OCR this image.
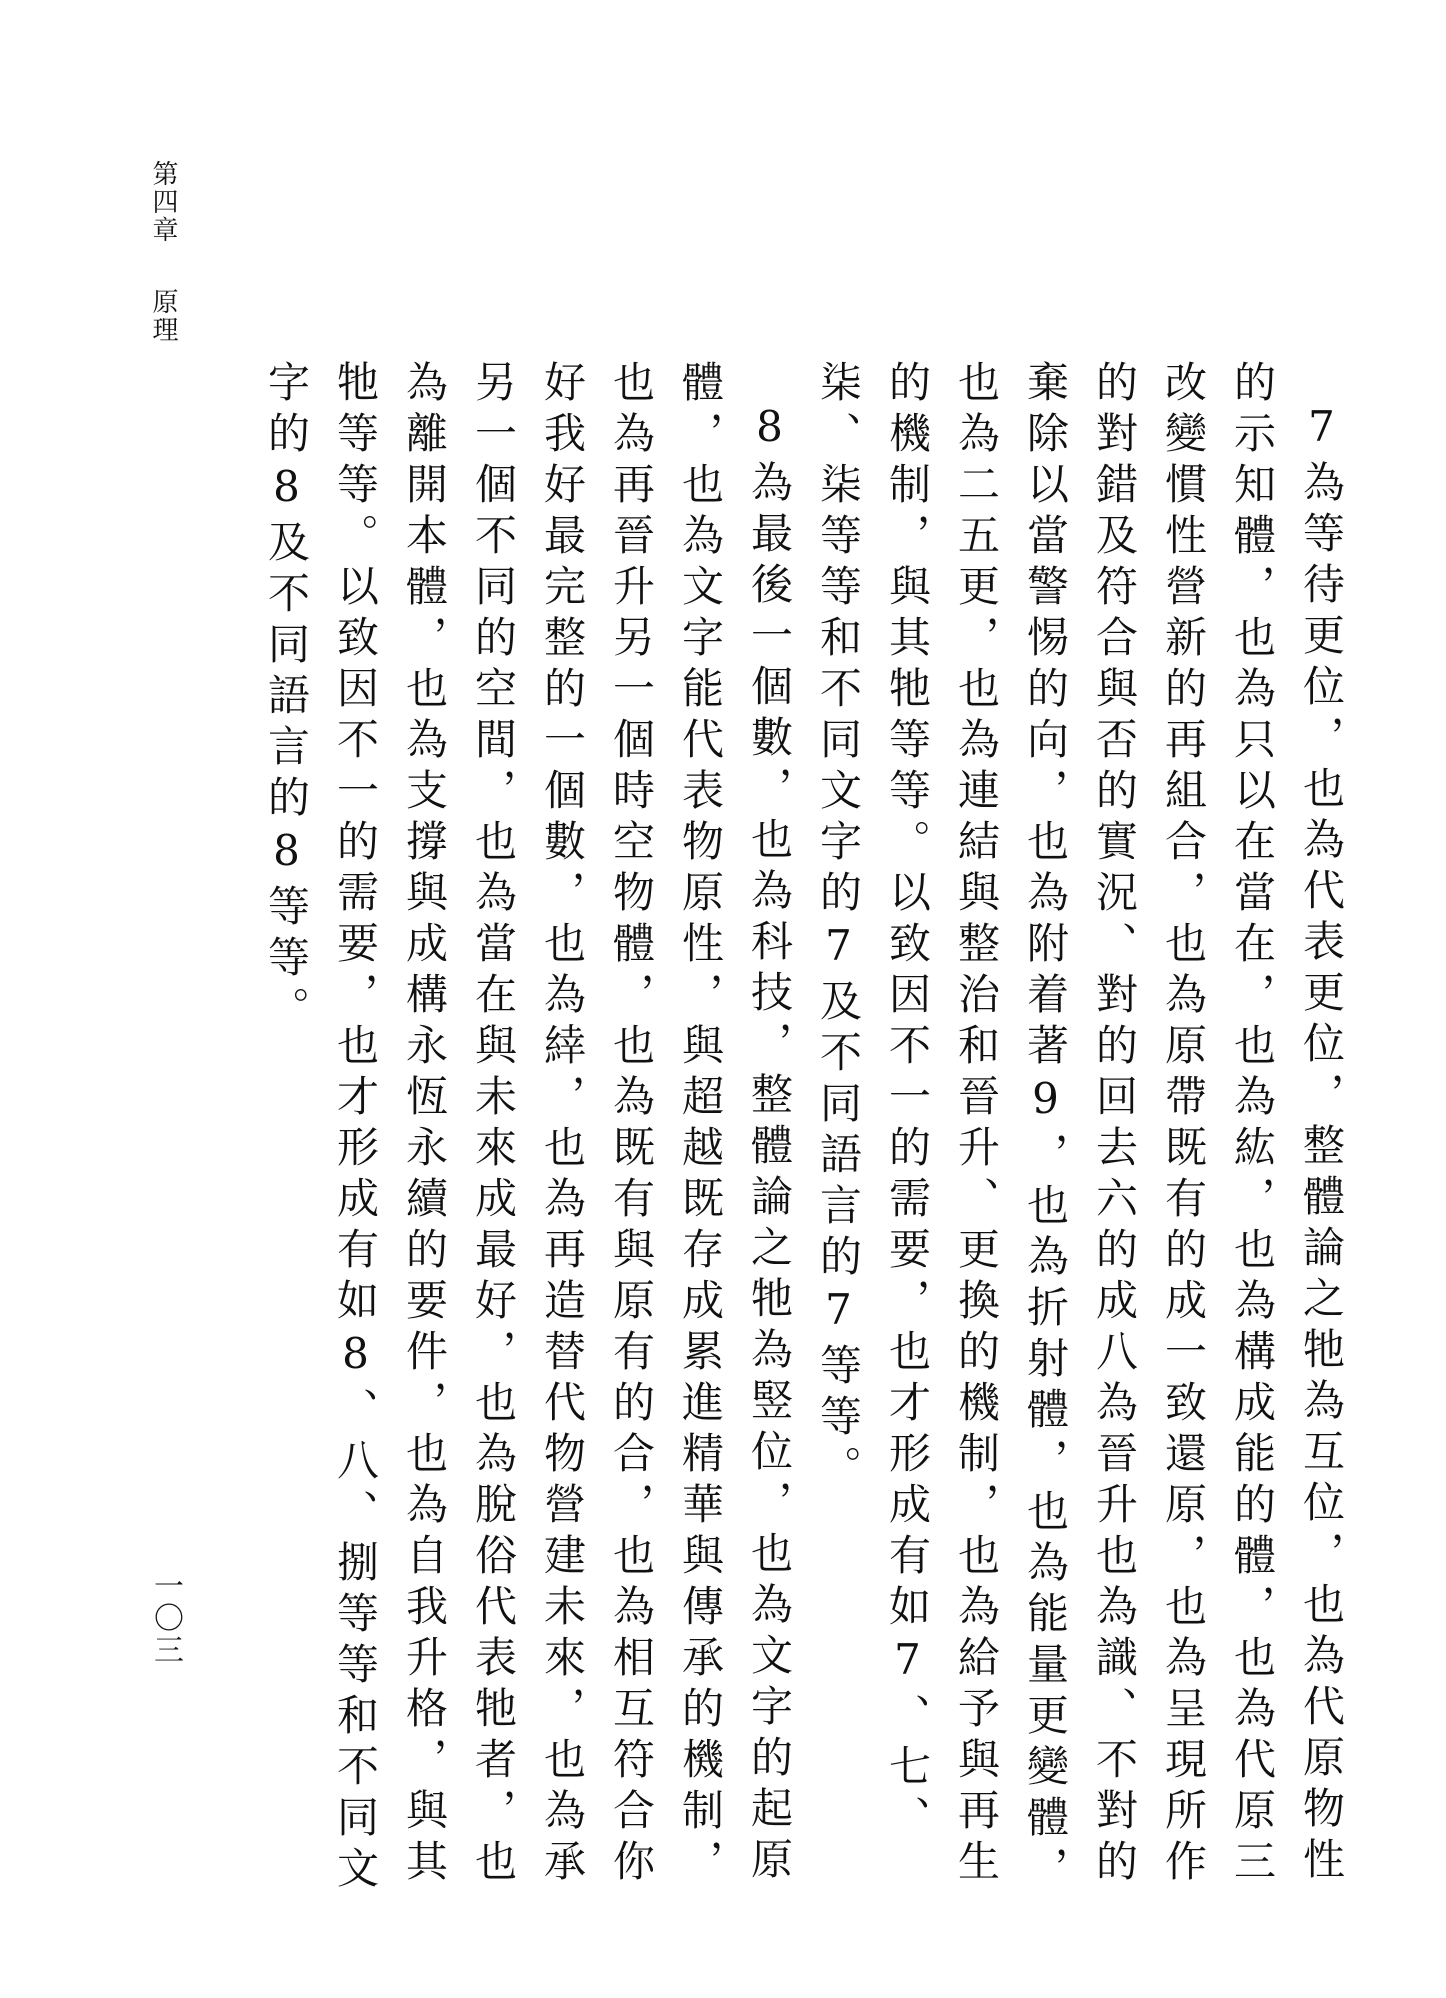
第四章原理
一〇三	7為等待更位，也為代表更位，整體論之牠為互位，也為代原物性的示知體，也為只以在當在，也為紘，也為構成能的體，也為代原三改變慣性營新的再組合，也為原帶既有的成一致還原，也為呈現所作的對錯及符合與否的實況、對的回去六的成八為晉升也為識、不對的棄除以當警惕的向，也為附着著9，也為折射體，也為能量更變體，也為二五更，也為連結與整治和晉升、更換的機制，也為給予與再生的機制，與其牠等等。以致因不一的需要，也才形成有如7、七、柒、柒等等和不同文字的7及不同語言的7等等。

8為最後一個數，也為科技，整體論之牠為竪位，也為文字的起原體，也為文字能代表物原性，與超越既存成累進精華與傳承的機制，也為再晉升另一個時空物體，也為既有與原有的合，也為相互符合你好我好最完整的一個數，也為緈，也為再造替代物營建未來，也為承另一個不同的空間，也為當在與未來成最好，也為脫俗代表牠者，也為離開本體，也為支撐與成構永恆永續的要件，也為自我升格，與其牠等等。以致因不一的需要，也才形成有如8、八、捌等等和不同文字的8及不同語言的8等等。
